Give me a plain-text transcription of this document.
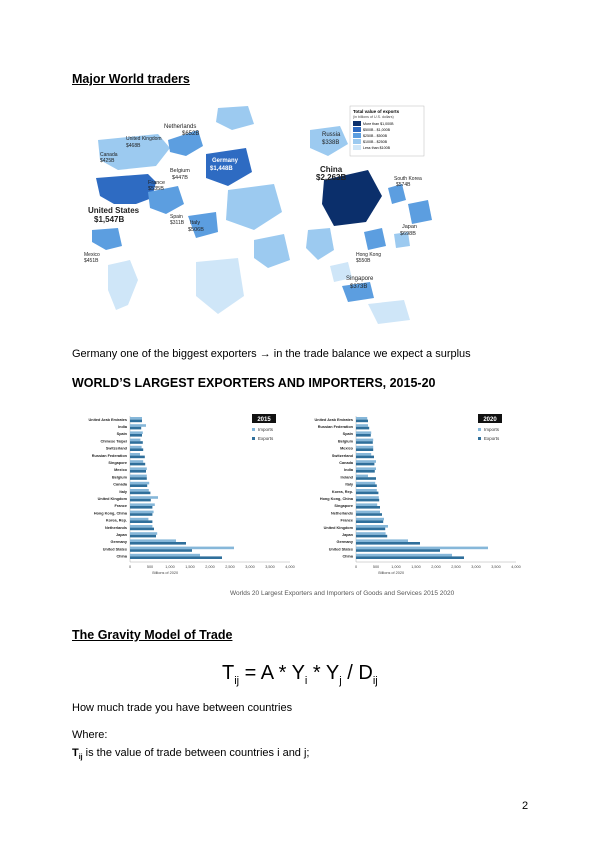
Major World traders
Total value of exports
(in billions of U.S. dollars)
More than $1,000B
$500B - $1,000B
$250B - $500B
$100B - $250B
Less than $100B
United States
$1,547B
China
$2,263B
Germany
$1,448B
Netherlands
$652B
Japan
$698B
South Korea
$574B
Hong Kong
$550B
France
$535B
Italy
$506B
United Kingdom
$468B
Mexico
$451B
Singapore
$373B
Canada
$425B
Russia
$338B
Belgium
$447B
Spain
$311B
Germany one of the biggest exporters → in the trade balance we expect a surplus
WORLD’S LARGEST EXPORTERS AND IMPORTERS, 2015-20
2015
Imports
Exports
United Arab Emirates
India
Spain
Chinese Taipei
Switzerland
Russian Federation
Singapore
Mexico
Belgium
Canada
Italy
United Kingdom
France
Hong Kong, China
Korea, Rep.
Netherlands
Japan
Germany
United States
China
0	500	1,000	1,500	2,000	2,500	3,000	3,500	4,000
Billions of 2020
2020
Imports
Exports
United Arab Emirates
Russian Federation
Spain
Belgium
Mexico
Switzerland
Canada
India
Ireland
Italy
Korea, Rep.
Hong Kong, China
Singapore
Netherlands
France
United Kingdom
Japan
Germany
United States
China
0	500	1,000	1,500	2,000	2,500	3,000	3,500	4,000
Billions of 2020
Worlds 20 Largest Exporters and Importers of Goods and Services 2015 2020
The Gravity Model of Trade
$T_{ij} = A * Y_i * Y_j / D_{ij}$
How much trade you have between countries
Where:
$T_{ij}$ is the value of trade between countries i and j;
2
